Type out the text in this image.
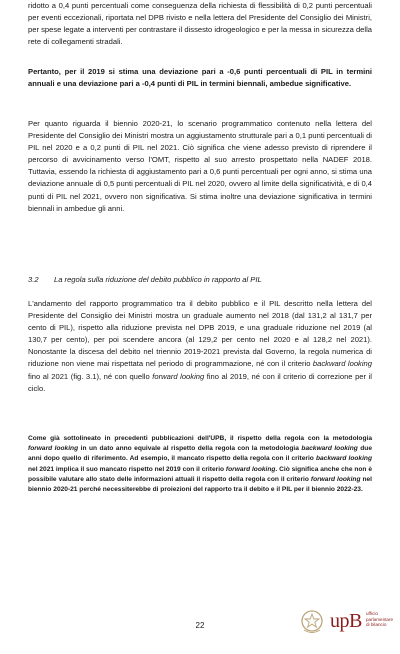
ridotto a 0,4 punti percentuali come conseguenza della richiesta di flessibilità di 0,2 punti percentuali per eventi eccezionali, riportata nel DPB rivisto e nella lettera del Presidente del Consiglio dei Ministri, per spese legate a interventi per contrastare il dissesto idrogeologico e per la messa in sicurezza della rete di collegamenti stradali.

Pertanto, per il 2019 si stima una deviazione pari a -0,6 punti percentuali di PIL in termini annuali e una deviazione pari a -0,4 punti di PIL in termini biennali, ambedue significative.

Per quanto riguarda il biennio 2020-21, lo scenario programmatico contenuto nella lettera del Presidente del Consiglio dei Ministri mostra un aggiustamento strutturale pari a 0,1 punti percentuali di PIL nel 2020 e a 0,2 punti di PIL nel 2021. Ciò significa che viene adesso previsto di riprendere il percorso di avvicinamento verso l'OMT, rispetto al suo arresto prospettato nella NADEF 2018. Tuttavia, essendo la richiesta di aggiustamento pari a 0,6 punti percentuali per ogni anno, si stima una deviazione annuale di 0,5 punti percentuali di PIL nel 2020, ovvero al limite della significatività, e di 0,4 punti di PIL nel 2021, ovvero non significativa. Si stima inoltre una deviazione significativa in termini biennali in ambedue gli anni.

3.2 La regola sulla riduzione del debito pubblico in rapporto al PIL

L'andamento del rapporto programmatico tra il debito pubblico e il PIL descritto nella lettera del Presidente del Consiglio dei Ministri mostra un graduale aumento nel 2018 (dal 131,2 al 131,7 per cento di PIL), rispetto alla riduzione prevista nel DPB 2019, e una graduale riduzione nel 2019 (al 130,7 per cento), per poi scendere ancora (al 129,2 per cento nel 2020 e al 128,2 nel 2021). Nonostante la discesa del debito nel triennio 2019-2021 prevista dal Governo, la regola numerica di riduzione non viene mai rispettata nel periodo di programmazione, né con il criterio backward looking fino al 2021 (fig. 3.1), né con quello forward looking fino al 2019, né con il criterio di correzione per il ciclo.

Come già sottolineato in precedenti pubblicazioni dell'UPB, il rispetto della regola con la metodologia forward looking in un dato anno equivale al rispetto della regola con la metodologia backward looking due anni dopo quello di riferimento. Ad esempio, il mancato rispetto della regola con il criterio backward looking nel 2021 implica il suo mancato rispetto nel 2019 con il criterio forward looking. Ciò significa anche che non è possibile valutare allo stato delle informazioni attuali il rispetto della regola con il criterio forward looking nel biennio 2020-21 perché necessiterebbe di proiezioni del rapporto tra il debito e il PIL per il biennio 2022-23.

22	upB ufficio parlamentare di bilancio
